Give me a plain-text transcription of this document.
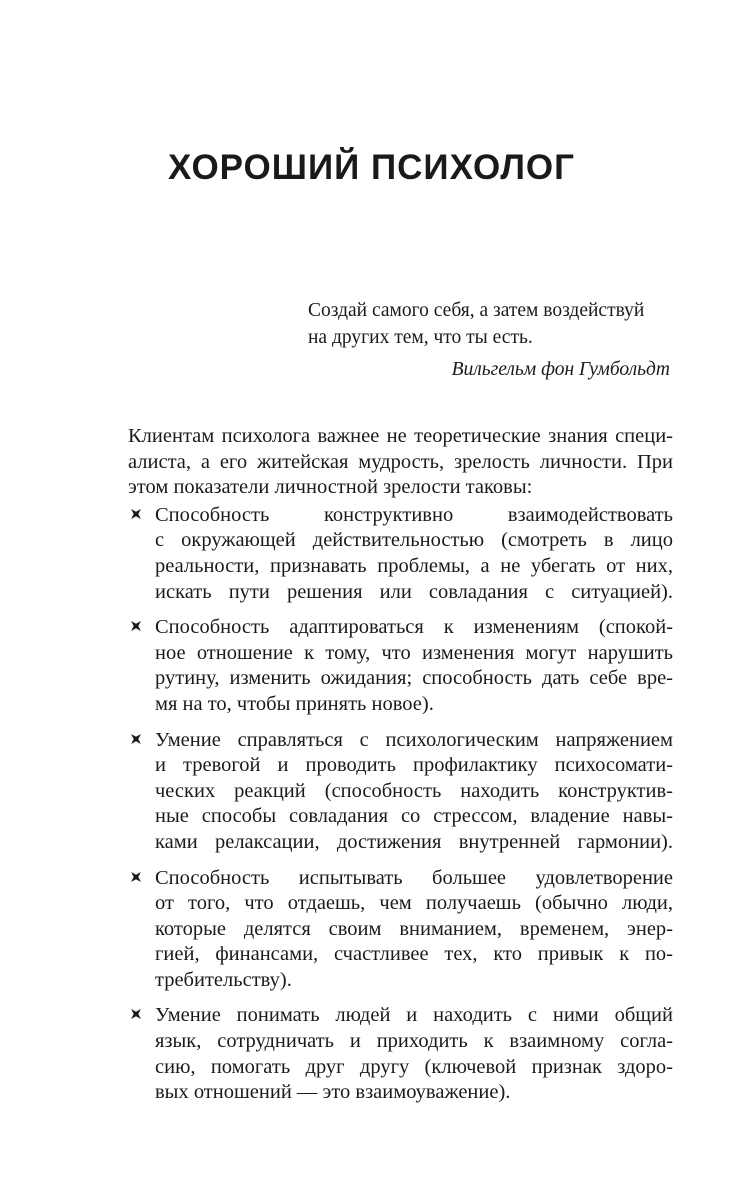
ХОРОШИЙ ПСИХОЛОГ
Создай самого себя, а затем воздействуй
на других тем, что ты есть.
Вильгельм фон Гумбольдт
Клиентам психолога важнее не теоретические знания специ-
алиста, а его житейская мудрость, зрелость личности. При
этом показатели личностной зрелости таковы:
Способность конструктивно взаимодействовать
с окружающей действительностью (смотреть в лицо
реальности, признавать проблемы, а не убегать от них,
искать пути решения или совладания с ситуацией).
Способность адаптироваться к изменениям (спокой-
ное отношение к тому, что изменения могут нарушить
рутину, изменить ожидания; способность дать себе вре-
мя на то, чтобы принять новое).
Умение справляться с психологическим напряжением
и тревогой и проводить профилактику психосомати-
ческих реакций (способность находить конструктив-
ные способы совладания со стрессом, владение навы-
ками релаксации, достижения внутренней гармонии).
Способность испытывать большее удовлетворение
от того, что отдаешь, чем получаешь (обычно люди,
которые делятся своим вниманием, временем, энер-
гией, финансами, счастливее тех, кто привык к по-
требительству).
Умение понимать людей и находить с ними общий
язык, сотрудничать и приходить к взаимному согла-
сию, помогать друг другу (ключевой признак здоро-
вых отношений — это взаимоуважение).
